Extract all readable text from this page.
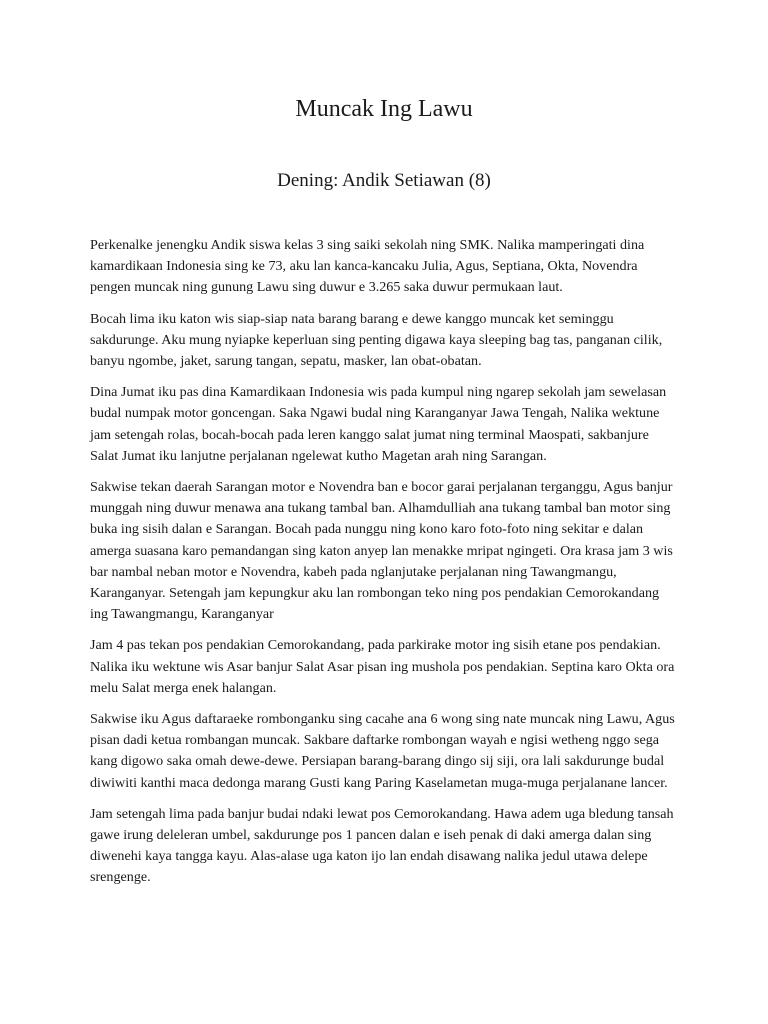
Muncak Ing Lawu
Dening: Andik Setiawan (8)

Perkenalke jenengku Andik siswa kelas 3 sing saiki sekolah ning SMK. Nalika mamperingati dina kamardikaan Indonesia sing ke 73, aku lan kanca-kancaku Julia, Agus, Septiana, Okta, Novendra pengen muncak ning gunung Lawu sing duwur e 3.265 saka duwur permukaan laut.

Bocah lima iku katon wis siap-siap nata barang barang e dewe kanggo muncak ket seminggu sakdurunge. Aku mung nyiapke keperluan sing penting digawa kaya sleeping bag tas, panganan cilik, banyu ngombe, jaket, sarung tangan, sepatu, masker, lan obat-obatan.

Dina Jumat iku pas dina Kamardikaan Indonesia wis pada kumpul ning ngarep sekolah jam sewelasan budal numpak motor goncengan. Saka Ngawi budal ning Karanganyar Jawa Tengah, Nalika wektune jam setengah rolas, bocah-bocah pada leren kanggo salat jumat ning terminal Maospati, sakbanjure Salat Jumat iku lanjutne perjalanan ngelewat kutho Magetan arah ning Sarangan.

Sakwise tekan daerah Sarangan motor e Novendra ban e bocor garai perjalanan terganggu, Agus banjur munggah ning duwur menawa ana tukang tambal ban. Alhamdulliah ana tukang tambal ban motor sing buka ing sisih dalan e Sarangan. Bocah pada nunggu ning kono karo foto-foto ning sekitar e dalan amerga suasana karo pemandangan sing katon anyep lan menakke mripat ngingeti. Ora krasa jam 3 wis bar nambal neban motor e Novendra, kabeh pada nglanjutake perjalanan ning Tawangmangu, Karanganyar. Setengah jam kepungkur aku lan rombongan teko ning pos pendakian Cemorokandang ing Tawangmangu, Karanganyar

Jam 4 pas tekan pos pendakian Cemorokandang, pada parkirake motor ing sisih etane pos pendakian. Nalika iku wektune wis Asar banjur Salat Asar pisan ing mushola pos pendakian. Septina karo Okta ora melu Salat merga enek halangan.

Sakwise iku Agus daftaraeke rombonganku sing cacahe ana 6 wong sing nate muncak ning Lawu, Agus pisan dadi ketua rombangan muncak. Sakbare daftarke rombongan wayah e ngisi wetheng nggo sega kang digowo saka omah dewe-dewe. Persiapan barang-barang dingo sij siji, ora lali sakdurunge budal diwiwiti kanthi maca dedonga marang Gusti kang Paring Kaselametan muga-muga perjalanane lancer.

Jam setengah lima pada banjur budai ndaki lewat pos Cemorokandang. Hawa adem uga bledung tansah gawe irung deleleran umbel, sakdurunge pos 1 pancen dalan e iseh penak di daki amerga dalan sing diwenehi kaya tangga kayu. Alas-alase uga katon ijo lan endah disawang nalika jedul utawa delepe srengenge.
